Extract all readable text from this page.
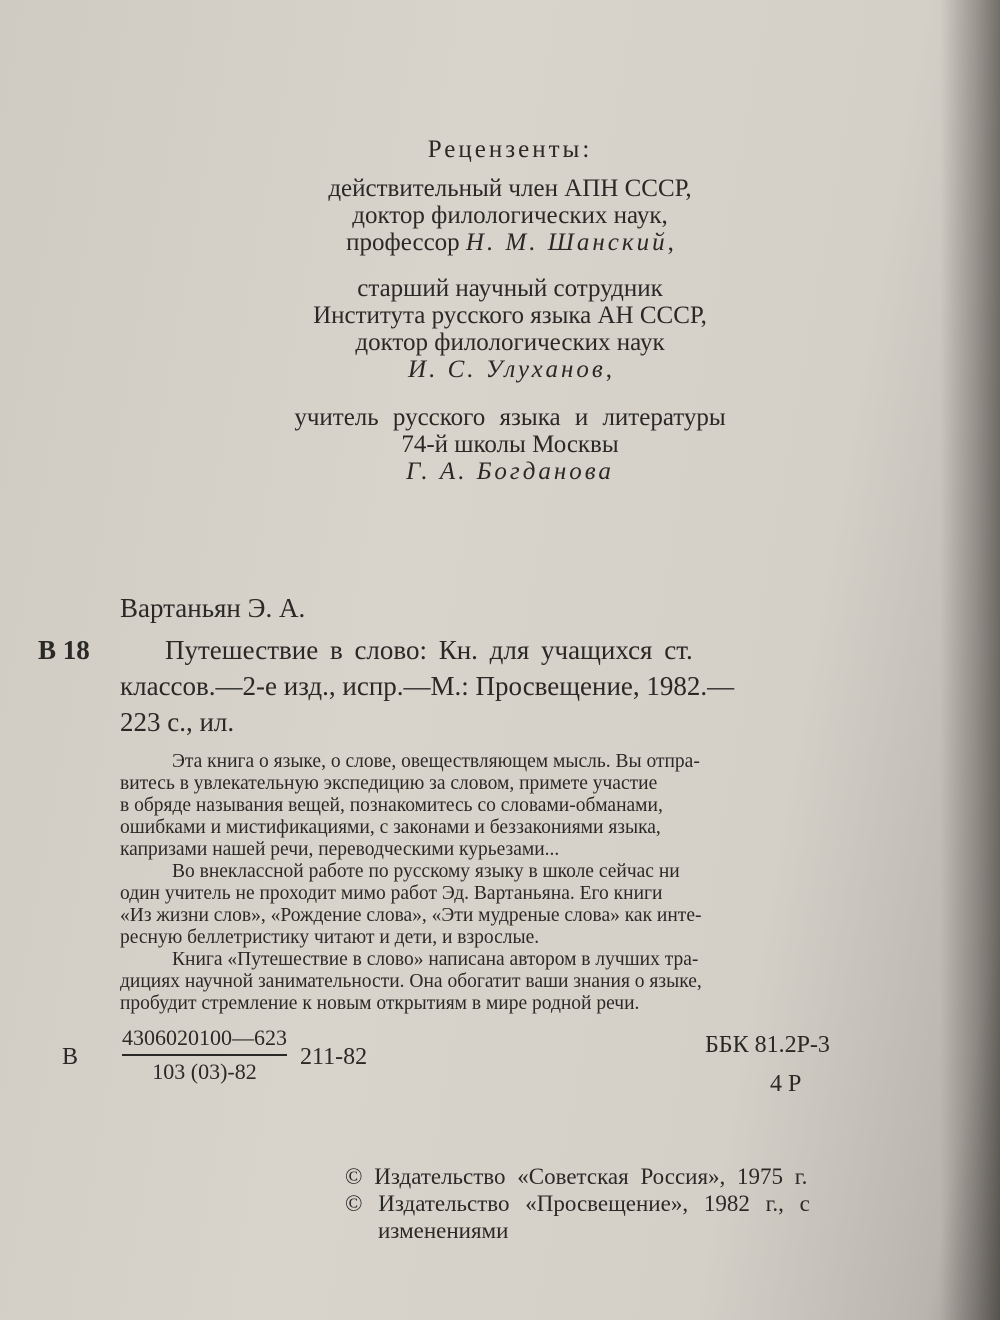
Рецензенты:
действительный член АПН СССР,
доктор филологических наук,
профессор Н. М. Шанский,
старший научный сотрудник
Института русского языка АН СССР,
доктор филологических наук
И. С. Улуханов,
учитель русского языка и литературы
74-й школы Москвы
Г. А. Богданова
Вартаньян Э. А.
В 18	Путешествие в слово: Кн. для учащихся ст.
классов.—2-е изд., испр.—М.: Просвещение, 1982.—
223 с., ил.
Эта книга о языке, о слове, овеществляющем мысль. Вы отпра-
витесь в увлекательную экспедицию за словом, примете участие
в обряде называния вещей, познакомитесь со словами-обманами,
ошибками и мистификациями, с законами и беззакониями языка,
капризами нашей речи, переводческими курьезами...
Во внеклассной работе по русскому языку в школе сейчас ни
один учитель не проходит мимо работ Эд. Вартаньяна. Его книги
«Из жизни слов», «Рождение слова», «Эти мудреные слова» как инте-
ресную беллетристику читают и дети, и взрослые.
Книга «Путешествие в слово» написана автором в лучших тра-
дициях научной занимательности. Она обогатит ваши знания о языке,
пробудит стремление к новым открытиям в мире родной речи.
В $\frac{4306020100—623}{103 (03)-82} 211-82$	ББК 81.2Р-3
4 Р
© Издательство «Советская Россия», 1975 г.
© Издательство «Просвещение», 1982 г., с
изменениями
